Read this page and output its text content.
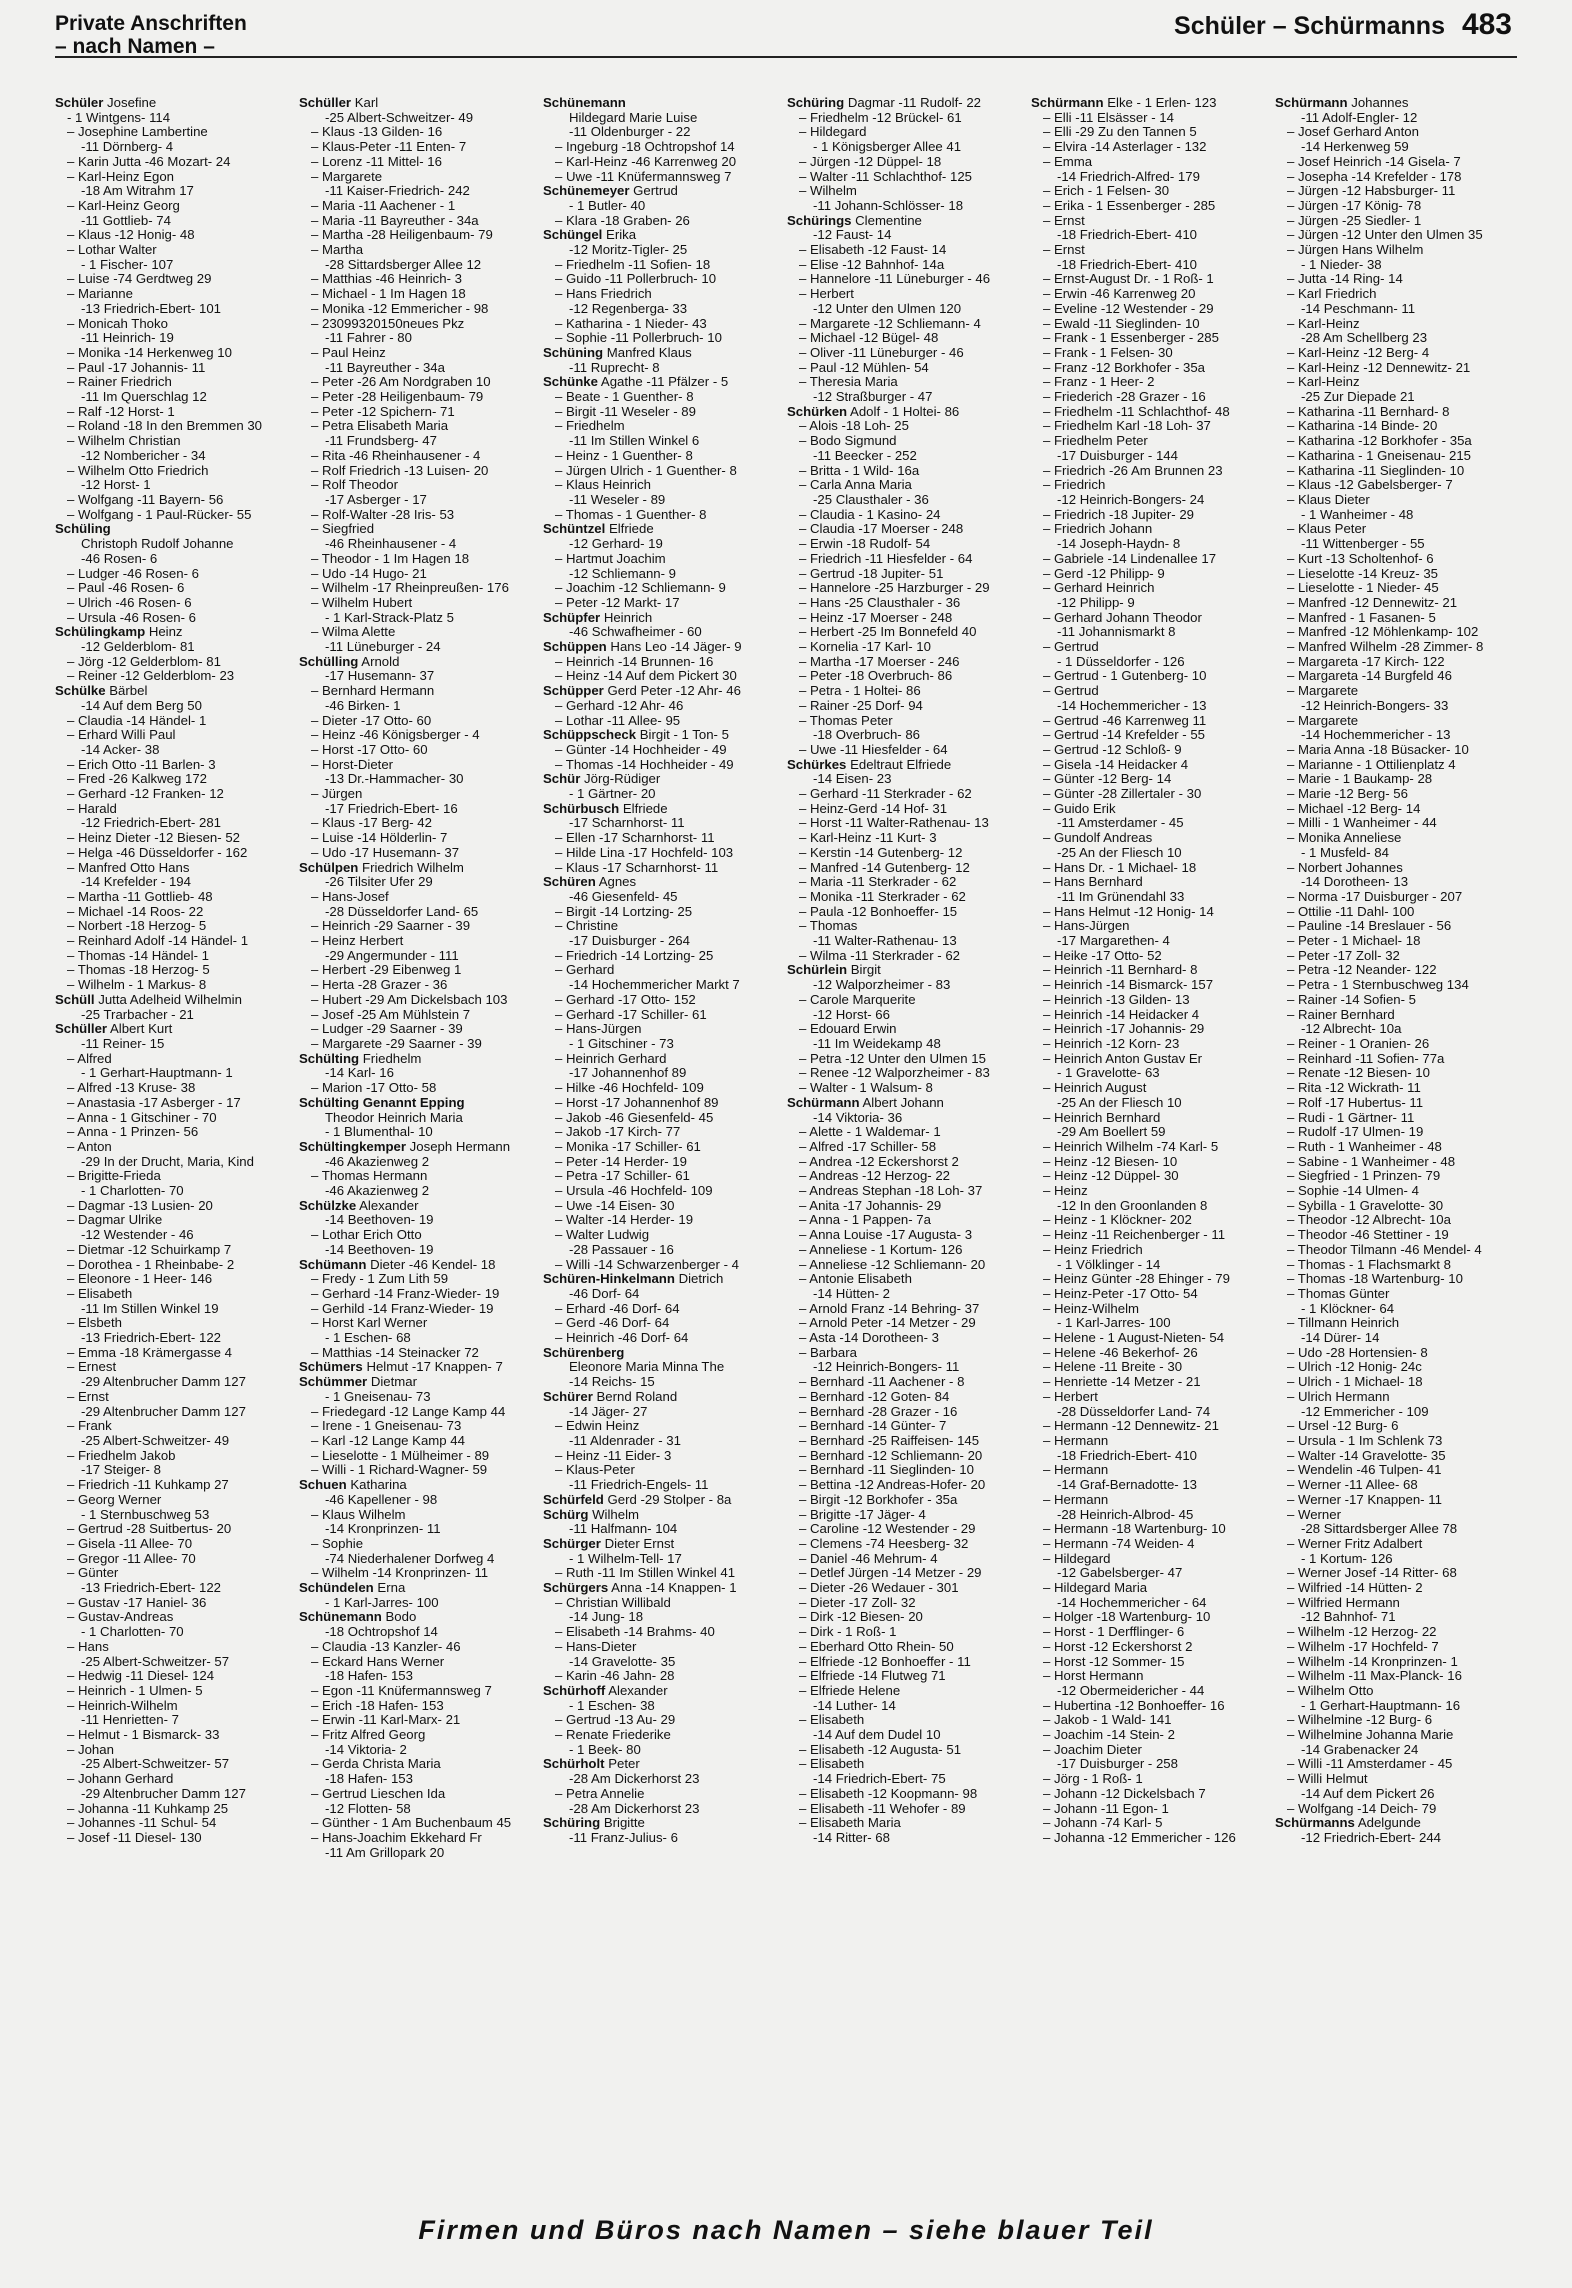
Private Anschriften
– nach Namen –
Schüler – Schürmanns 483
Schüler Josefine
- 1 Wintgens- 114
– Josephine Lambertine
-11 Dörnberg- 4
– Karin Jutta -46 Mozart- 24
– Karl-Heinz Egon
-18 Am Witrahm 17
– Karl-Heinz Georg
-11 Gottlieb- 74
– Klaus -12 Honig- 48
– Lothar Walter
- 1 Fischer- 107
– Luise -74 Gerdtweg 29
– Marianne
-13 Friedrich-Ebert- 101
– Monicah Thoko
-11 Heinrich- 19
– Monika -14 Herkenweg 10
– Paul -17 Johannis- 11
– Rainer Friedrich
-11 Im Querschlag 12
– Ralf -12 Horst- 1
– Roland -18 In den Bremmen 30
– Wilhelm Christian
-12 Nombericher - 34
– Wilhelm Otto Friedrich
-12 Horst- 1
– Wolfgang -11 Bayern- 56
– Wolfgang - 1 Paul-Rücker- 55
Schüling
Christoph Rudolf Johanne
-46 Rosen- 6
– Ludger -46 Rosen- 6
– Paul -46 Rosen- 6
– Ulrich -46 Rosen- 6
– Ursula -46 Rosen- 6
Schülingkamp Heinz
-12 Gelderblom- 81
– Jörg -12 Gelderblom- 81
– Reiner -12 Gelderblom- 23
Schülke Bärbel
-14 Auf dem Berg 50
– Claudia -14 Händel- 1
– Erhard Willi Paul
-14 Acker- 38
– Erich Otto -11 Barlen- 3
– Fred -26 Kalkweg 172
– Gerhard -12 Franken- 12
– Harald
-12 Friedrich-Ebert- 281
– Heinz Dieter -12 Biesen- 52
– Helga -46 Düsseldorfer - 162
– Manfred Otto Hans
-14 Krefelder - 194
– Martha -11 Gottlieb- 48
– Michael -14 Roos- 22
– Norbert -18 Herzog- 5
– Reinhard Adolf -14 Händel- 1
– Thomas -14 Händel- 1
– Thomas -18 Herzog- 5
– Wilhelm - 1 Markus- 8
Schüll Jutta Adelheid Wilhelmin
-25 Trarbacher - 21
Schüller Albert Kurt
-11 Reiner- 15
– Alfred
- 1 Gerhart-Hauptmann- 1
– Alfred -13 Kruse- 38
– Anastasia -17 Asberger - 17
– Anna - 1 Gitschiner - 70
– Anna - 1 Prinzen- 56
– Anton
-29 In der Drucht, Maria, Kind
– Brigitte-Frieda
- 1 Charlotten- 70
– Dagmar -13 Lusien- 20
– Dagmar Ulrike
-12 Westender - 46
– Dietmar -12 Schuirkamp 7
– Dorothea - 1 Rheinbabe- 2
– Eleonore - 1 Heer- 146
– Elisabeth
-11 Im Stillen Winkel 19
– Elsbeth
-13 Friedrich-Ebert- 122
– Emma -18 Krämergasse 4
– Ernest
-29 Altenbrucher Damm 127
– Ernst
-29 Altenbrucher Damm 127
– Frank
-25 Albert-Schweitzer- 49
– Friedhelm Jakob
-17 Steiger- 8
– Friedrich -11 Kuhkamp 27
– Georg Werner
- 1 Sternbuschweg 53
– Gertrud -28 Suitbertus- 20
– Gisela -11 Allee- 70
– Gregor -11 Allee- 70
– Günter
-13 Friedrich-Ebert- 122
– Gustav -17 Haniel- 36
– Gustav-Andreas
- 1 Charlotten- 70
– Hans
-25 Albert-Schweitzer- 57
– Hedwig -11 Diesel- 124
– Heinrich - 1 Ulmen- 5
– Heinrich-Wilhelm
-11 Henrietten- 7
– Helmut - 1 Bismarck- 33
– Johan
-25 Albert-Schweitzer- 57
– Johann Gerhard
-29 Altenbrucher Damm 127
– Johanna -11 Kuhkamp 25
– Johannes -11 Schul- 54
– Josef -11 Diesel- 130
Schüller Karl
-25 Albert-Schweitzer- 49
– Klaus -13 Gilden- 16
– Klaus-Peter -11 Enten- 7
– Lorenz -11 Mittel- 16
– Margarete
-11 Kaiser-Friedrich- 242
– Maria -11 Aachener - 1
– Maria -11 Bayreuther - 34a
– Martha -28 Heiligenbaum- 79
– Martha
-28 Sittardsberger Allee 12
– Matthias -46 Heinrich- 3
– Michael - 1 Im Hagen 18
– Monika -12 Emmericher - 98
– 23099320150neues Pkz
-11 Fahrer - 80
– Paul Heinz
-11 Bayreuther - 34a
– Peter -26 Am Nordgraben 10
– Peter -28 Heiligenbaum- 79
– Peter -12 Spichern- 71
– Petra Elisabeth Maria
-11 Frundsberg- 47
– Rita -46 Rheinhausener - 4
– Rolf Friedrich -13 Luisen- 20
– Rolf Theodor
-17 Asberger - 17
– Rolf-Walter -28 Iris- 53
– Siegfried
-46 Rheinhausener - 4
– Theodor - 1 Im Hagen 18
– Udo -14 Hugo- 21
– Wilhelm -17 Rheinpreußen- 176
– Wilhelm Hubert
- 1 Karl-Strack-Platz 5
– Wilma Alette
-11 Lüneburger - 24
Schülling Arnold
-17 Husemann- 37
– Bernhard Hermann
-46 Birken- 1
– Dieter -17 Otto- 60
– Heinz -46 Königsberger - 4
– Horst -17 Otto- 60
– Horst-Dieter
-13 Dr.-Hammacher- 30
– Jürgen
-17 Friedrich-Ebert- 16
– Klaus -17 Berg- 42
– Luise -14 Hölderlin- 7
– Udo -17 Husemann- 37
Schülpen Friedrich Wilhelm
-26 Tilsiter Ufer 29
– Hans-Josef
-28 Düsseldorfer Land- 65
– Heinrich -29 Saarner - 39
– Heinz Herbert
-29 Angermunder - 111
– Herbert -29 Eibenweg 1
– Herta -28 Grazer - 36
– Hubert -29 Am Dickelsbach 103
– Josef -25 Am Mühlstein 7
– Ludger -29 Saarner - 39
– Margarete -29 Saarner - 39
Schülting Friedhelm
-14 Karl- 16
– Marion -17 Otto- 58
Schülting Genannt Epping
Theodor Heinrich Maria
- 1 Blumenthal- 10
Schültingkemper Joseph Hermann
-46 Akazienweg 2
– Thomas Hermann
-46 Akazienweg 2
Schülzke Alexander
-14 Beethoven- 19
– Lothar Erich Otto
-14 Beethoven- 19
Schümann Dieter -46 Kendel- 18
– Fredy - 1 Zum Lith 59
– Gerhard -14 Franz-Wieder- 19
– Gerhild -14 Franz-Wieder- 19
– Horst Karl Werner
- 1 Eschen- 68
– Matthias -14 Steinacker 72
Schümers Helmut -17 Knappen- 7
Schümmer Dietmar
- 1 Gneisenau- 73
– Friedegard -12 Lange Kamp 44
– Irene - 1 Gneisenau- 73
– Karl -12 Lange Kamp 44
– Lieselotte - 1 Mülheimer - 89
– Willi - 1 Richard-Wagner- 59
Schuen Katharina
-46 Kapellener - 98
– Klaus Wilhelm
-14 Kronprinzen- 11
– Sophie
-74 Niederhalener Dorfweg 4
– Wilhelm -14 Kronprinzen- 11
Schündelen Erna
- 1 Karl-Jarres- 100
Schünemann Bodo
-18 Ochtropshof 14
– Claudia -13 Kanzler- 46
– Eckard Hans Werner
-18 Hafen- 153
– Egon -11 Knüfermannsweg 7
– Erich -18 Hafen- 153
– Erwin -11 Karl-Marx- 21
– Fritz Alfred Georg
-14 Viktoria- 2
– Gerda Christa Maria
-18 Hafen- 153
– Gertrud Lieschen Ida
-12 Flotten- 58
– Günther - 1 Am Buchenbaum 45
– Hans-Joachim Ekkehard Fr
-11 Am Grillopark 20
Schünemann
Hildegard Marie Luise
-11 Oldenburger - 22
– Ingeburg -18 Ochtropshof 14
– Karl-Heinz -46 Karrenweg 20
– Uwe -11 Knüfermannsweg 7
Schünemeyer Gertrud
- 1 Butler- 40
– Klara -18 Graben- 26
Schüngel Erika
-12 Moritz-Tigler- 25
– Friedhelm -11 Sofien- 18
– Guido -11 Pollerbruch- 10
– Hans Friedrich
-12 Regenberga- 33
– Katharina - 1 Nieder- 43
– Sophie -11 Pollerbruch- 10
Schüning Manfred Klaus
-11 Ruprecht- 8
Schünke Agathe -11 Pfälzer - 5
– Beate - 1 Guenther- 8
– Birgit -11 Weseler - 89
– Friedhelm
-11 Im Stillen Winkel 6
– Heinz - 1 Guenther- 8
– Jürgen Ulrich - 1 Guenther- 8
– Klaus Heinrich
-11 Weseler - 89
– Thomas - 1 Guenther- 8
Schüntzel Elfriede
-12 Gerhard- 19
– Hartmut Joachim
-12 Schliemann- 9
– Joachim -12 Schliemann- 9
– Peter -12 Markt- 17
Schüpfer Heinrich
-46 Schwafheimer - 60
Schüppen Hans Leo -14 Jäger- 9
– Heinrich -14 Brunnen- 16
– Heinz -14 Auf dem Pickert 30
Schüpper Gerd Peter -12 Ahr- 46
– Gerhard -12 Ahr- 46
– Lothar -11 Allee- 95
Schüppscheck Birgit - 1 Ton- 5
– Günter -14 Hochheider - 49
– Thomas -14 Hochheider - 49
Schür Jörg-Rüdiger
- 1 Gärtner- 20
Schürbusch Elfriede
-17 Scharnhorst- 11
– Ellen -17 Scharnhorst- 11
– Hilde Lina -17 Hochfeld- 103
– Klaus -17 Scharnhorst- 11
Schüren Agnes
-46 Giesenfeld- 45
– Birgit -14 Lortzing- 25
– Christine
-17 Duisburger - 264
– Friedrich -14 Lortzing- 25
– Gerhard
-14 Hochemmericher Markt 7
– Gerhard -17 Otto- 152
– Gerhard -17 Schiller- 61
– Hans-Jürgen
- 1 Gitschiner - 73
– Heinrich Gerhard
-17 Johannenhof 89
– Hilke -46 Hochfeld- 109
– Horst -17 Johannenhof 89
– Jakob -46 Giesenfeld- 45
– Jakob -17 Kirch- 77
– Monika -17 Schiller- 61
– Peter -14 Herder- 19
– Petra -17 Schiller- 61
– Ursula -46 Hochfeld- 109
– Uwe -14 Eisen- 30
– Walter -14 Herder- 19
– Walter Ludwig
-28 Passauer - 16
– Willi -14 Schwarzenberger - 4
Schüren-Hinkelmann Dietrich
-46 Dorf- 64
– Erhard -46 Dorf- 64
– Gerd -46 Dorf- 64
– Heinrich -46 Dorf- 64
Schürenberg
Eleonore Maria Minna The
-14 Reichs- 15
Schürer Bernd Roland
-14 Jäger- 27
– Edwin Heinz
-11 Aldenrader - 31
– Heinz -11 Eider- 3
– Klaus-Peter
-11 Friedrich-Engels- 11
Schürfeld Gerd -29 Stolper - 8a
Schürg Wilhelm
-11 Halfmann- 104
Schürger Dieter Ernst
- 1 Wilhelm-Tell- 17
– Ruth -11 Im Stillen Winkel 41
Schürgers Anna -14 Knappen- 1
– Christian Willibald
-14 Jung- 18
– Elisabeth -14 Brahms- 40
– Hans-Dieter
-14 Gravelotte- 35
– Karin -46 Jahn- 28
Schürhoff Alexander
- 1 Eschen- 38
– Gertrud -13 Au- 29
– Renate Friederike
- 1 Beek- 80
Schürholt Peter
-28 Am Dickerhorst 23
– Petra Annelie
-28 Am Dickerhorst 23
Schüring Brigitte
-11 Franz-Julius- 6
Schüring Dagmar -11 Rudolf- 22
– Friedhelm -12 Brückel- 61
– Hildegard
- 1 Königsberger Allee 41
– Jürgen -12 Düppel- 18
– Walter -11 Schlachthof- 125
– Wilhelm
-11 Johann-Schlösser- 18
Schürings Clementine
-12 Faust- 14
– Elisabeth -12 Faust- 14
– Elise -12 Bahnhof- 14a
– Hannelore -11 Lüneburger - 46
– Herbert
-12 Unter den Ulmen 120
– Margarete -12 Schliemann- 4
– Michael -12 Bügel- 48
– Oliver -11 Lüneburger - 46
– Paul -12 Mühlen- 54
– Theresia Maria
-12 Straßburger - 47
Schürken Adolf - 1 Holtei- 86
– Alois -18 Loh- 25
– Bodo Sigmund
-11 Beecker - 252
– Britta - 1 Wild- 16a
– Carla Anna Maria
-25 Clausthaler - 36
– Claudia - 1 Kasino- 24
– Claudia -17 Moerser - 248
– Erwin -18 Rudolf- 54
– Friedrich -11 Hiesfelder - 64
– Gertrud -18 Jupiter- 51
– Hannelore -25 Harzburger - 29
– Hans -25 Clausthaler - 36
– Heinz -17 Moerser - 248
– Herbert -25 Im Bonnefeld 40
– Kornelia -17 Karl- 10
– Martha -17 Moerser - 246
– Peter -18 Overbruch- 86
– Petra - 1 Holtei- 86
– Rainer -25 Dorf- 94
– Thomas Peter
-18 Overbruch- 86
– Uwe -11 Hiesfelder - 64
Schürkes Edeltraut Elfriede
-14 Eisen- 23
– Gerhard -11 Sterkrader - 62
– Heinz-Gerd -14 Hof- 31
– Horst -11 Walter-Rathenau- 13
– Karl-Heinz -11 Kurt- 3
– Kerstin -14 Gutenberg- 12
– Manfred -14 Gutenberg- 12
– Maria -11 Sterkrader - 62
– Monika -11 Sterkrader - 62
– Paula -12 Bonhoeffer- 15
– Thomas
-11 Walter-Rathenau- 13
– Wilma -11 Sterkrader - 62
Schürlein Birgit
-12 Walporzheimer - 83
– Carole Marquerite
-12 Horst- 66
– Edouard Erwin
-11 Im Weidekamp 48
– Petra -12 Unter den Ulmen 15
– Renee -12 Walporzheimer - 83
– Walter - 1 Walsum- 8
Schürmann Albert Johann
-14 Viktoria- 36
– Alette - 1 Waldemar- 1
– Alfred -17 Schiller- 58
– Andrea -12 Eckershorst 2
– Andreas -12 Herzog- 22
– Andreas Stephan -18 Loh- 37
– Anita -17 Johannis- 29
– Anna - 1 Pappen- 7a
– Anna Louise -17 Augusta- 3
– Anneliese - 1 Kortum- 126
– Anneliese -12 Schliemann- 20
– Antonie Elisabeth
-14 Hütten- 2
– Arnold Franz -14 Behring- 37
– Arnold Peter -14 Metzer - 29
– Asta -14 Dorotheen- 3
– Barbara
-12 Heinrich-Bongers- 11
– Bernhard -11 Aachener - 8
– Bernhard -12 Goten- 84
– Bernhard -28 Grazer - 16
– Bernhard -14 Günter- 7
– Bernhard -25 Raiffeisen- 145
– Bernhard -12 Schliemann- 20
– Bernhard -11 Sieglinden- 10
– Bettina -12 Andreas-Hofer- 20
– Birgit -12 Borkhofer - 35a
– Brigitte -17 Jäger- 4
– Caroline -12 Westender - 29
– Clemens -74 Heesberg- 32
– Daniel -46 Mehrum- 4
– Detlef Jürgen -14 Metzer - 29
– Dieter -26 Wedauer - 301
– Dieter -17 Zoll- 32
– Dirk -12 Biesen- 20
– Dirk - 1 Roß- 1
– Eberhard Otto Rhein- 50
– Elfriede -12 Bonhoeffer - 11
– Elfriede -14 Flutweg 71
– Elfriede Helene
-14 Luther- 14
– Elisabeth
-14 Auf dem Dudel 10
– Elisabeth -12 Augusta- 51
– Elisabeth
-14 Friedrich-Ebert- 75
– Elisabeth -12 Koopmann- 98
– Elisabeth -11 Wehofer - 89
– Elisabeth Maria
-14 Ritter- 68
Schürmann Elke - 1 Erlen- 123
– Elli -11 Elsässer - 14
– Elli -29 Zu den Tannen 5
– Elvira -14 Asterlager - 132
– Emma
-14 Friedrich-Alfred- 179
– Erich - 1 Felsen- 30
– Erika - 1 Essenberger - 285
– Ernst
-18 Friedrich-Ebert- 410
– Ernst
-18 Friedrich-Ebert- 410
– Ernst-August Dr. - 1 Roß- 1
– Erwin -46 Karrenweg 20
– Eveline -12 Westender - 29
– Ewald -11 Sieglinden- 10
– Frank - 1 Essenberger - 285
– Frank - 1 Felsen- 30
– Franz -12 Borkhofer - 35a
– Franz - 1 Heer- 2
– Friederich -28 Grazer - 16
– Friedhelm -11 Schlachthof- 48
– Friedhelm Karl -18 Loh- 37
– Friedhelm Peter
-17 Duisburger - 144
– Friedrich -26 Am Brunnen 23
– Friedrich
-12 Heinrich-Bongers- 24
– Friedrich -18 Jupiter- 29
– Friedrich Johann
-14 Joseph-Haydn- 8
– Gabriele -14 Lindenallee 17
– Gerd -12 Philipp- 9
– Gerhard Heinrich
-12 Philipp- 9
– Gerhard Johann Theodor
-11 Johannismarkt 8
– Gertrud
- 1 Düsseldorfer - 126
– Gertrud - 1 Gutenberg- 10
– Gertrud
-14 Hochemmericher - 13
– Gertrud -46 Karrenweg 11
– Gertrud -14 Krefelder - 55
– Gertrud -12 Schloß- 9
– Gisela -14 Heidacker 4
– Günter -12 Berg- 14
– Günter -28 Zillertaler - 30
– Guido Erik
-11 Amsterdamer - 45
– Gundolf Andreas
-25 An der Fliesch 10
– Hans Dr. - 1 Michael- 18
– Hans Bernhard
-11 Im Grünendahl 33
– Hans Helmut -12 Honig- 14
– Hans-Jürgen
-17 Margarethen- 4
– Heike -17 Otto- 52
– Heinrich -11 Bernhard- 8
– Heinrich -14 Bismarck- 157
– Heinrich -13 Gilden- 13
– Heinrich -14 Heidacker 4
– Heinrich -17 Johannis- 29
– Heinrich -12 Korn- 23
– Heinrich Anton Gustav Er
- 1 Gravelotte- 63
– Heinrich August
-25 An der Fliesch 10
– Heinrich Bernhard
-29 Am Boellert 59
– Heinrich Wilhelm -74 Karl- 5
– Heinz -12 Biesen- 10
– Heinz -12 Düppel- 30
– Heinz
-12 In den Groonlanden 8
– Heinz - 1 Klöckner- 202
– Heinz -11 Reichenberger - 11
– Heinz Friedrich
- 1 Völklinger - 14
– Heinz Günter -28 Ehinger - 79
– Heinz-Peter -17 Otto- 54
– Heinz-Wilhelm
- 1 Karl-Jarres- 100
– Helene - 1 August-Nieten- 54
– Helene -46 Bekerhof- 26
– Helene -11 Breite - 30
– Henriette -14 Metzer - 21
– Herbert
-28 Düsseldorfer Land- 74
– Hermann -12 Dennewitz- 21
– Hermann
-18 Friedrich-Ebert- 410
– Hermann
-14 Graf-Bernadotte- 13
– Hermann
-28 Heinrich-Albrod- 45
– Hermann -18 Wartenburg- 10
– Hermann -74 Weiden- 4
– Hildegard
-12 Gabelsberger- 47
– Hildegard Maria
-14 Hochemmericher - 64
– Holger -18 Wartenburg- 10
– Horst - 1 Derfflinger- 6
– Horst -12 Eckershorst 2
– Horst -12 Sommer- 15
– Horst Hermann
-12 Obermeidericher - 44
– Hubertina -12 Bonhoeffer- 16
– Jakob - 1 Wald- 141
– Joachim -14 Stein- 2
– Joachim Dieter
-17 Duisburger - 258
– Jörg - 1 Roß- 1
– Johann -12 Dickelsbach 7
– Johann -11 Egon- 1
– Johann -74 Karl- 5
– Johanna -12 Emmericher - 126
Schürmann Johannes
-11 Adolf-Engler- 12
– Josef Gerhard Anton
-14 Herkenweg 59
– Josef Heinrich -14 Gisela- 7
– Josepha -14 Krefelder - 178
– Jürgen -12 Habsburger- 11
– Jürgen -17 König- 78
– Jürgen -25 Siedler- 1
– Jürgen -12 Unter den Ulmen 35
– Jürgen Hans Wilhelm
- 1 Nieder- 38
– Jutta -14 Ring- 14
– Karl Friedrich
-14 Peschmann- 11
– Karl-Heinz
-28 Am Schellberg 23
– Karl-Heinz -12 Berg- 4
– Karl-Heinz -12 Dennewitz- 21
– Karl-Heinz
-25 Zur Diepade 21
– Katharina -11 Bernhard- 8
– Katharina -14 Binde- 20
– Katharina -12 Borkhofer - 35a
– Katharina - 1 Gneisenau- 215
– Katharina -11 Sieglinden- 10
– Klaus -12 Gabelsberger- 7
– Klaus Dieter
- 1 Wanheimer - 48
– Klaus Peter
-11 Wittenberger - 55
– Kurt -13 Scholtenhof- 6
– Lieselotte -14 Kreuz- 35
– Lieselotte - 1 Nieder- 45
– Manfred -12 Dennewitz- 21
– Manfred - 1 Fasanen- 5
– Manfred -12 Möhlenkamp- 102
– Manfred Wilhelm -28 Zimmer- 8
– Margareta -17 Kirch- 122
– Margareta -14 Burgfeld 46
– Margarete
-12 Heinrich-Bongers- 33
– Margarete
-14 Hochemmericher - 13
– Maria Anna -18 Büsacker- 10
– Marianne - 1 Ottilienplatz 4
– Marie - 1 Baukamp- 28
– Marie -12 Berg- 56
– Michael -12 Berg- 14
– Milli - 1 Wanheimer - 44
– Monika Anneliese
- 1 Musfeld- 84
– Norbert Johannes
-14 Dorotheen- 13
– Norma -17 Duisburger - 207
– Ottilie -11 Dahl- 100
– Pauline -14 Breslauer - 56
– Peter - 1 Michael- 18
– Peter -17 Zoll- 32
– Petra -12 Neander- 122
– Petra - 1 Sternbuschweg 134
– Rainer -14 Sofien- 5
– Rainer Bernhard
-12 Albrecht- 10a
– Reiner - 1 Oranien- 26
– Reinhard -11 Sofien- 77a
– Renate -12 Biesen- 10
– Rita -12 Wickrath- 11
– Rolf -17 Hubertus- 11
– Rudi - 1 Gärtner- 11
– Rudolf -17 Ulmen- 19
– Ruth - 1 Wanheimer - 48
– Sabine - 1 Wanheimer - 48
– Siegfried - 1 Prinzen- 79
– Sophie -14 Ulmen- 4
– Sybilla - 1 Gravelotte- 30
– Theodor -12 Albrecht- 10a
– Theodor -46 Stettiner - 19
– Theodor Tilmann -46 Mendel- 4
– Thomas - 1 Flachsmarkt 8
– Thomas -18 Wartenburg- 10
– Thomas Günter
- 1 Klöckner- 64
– Tillmann Heinrich
-14 Dürer- 14
– Udo -28 Hortensien- 8
– Ulrich -12 Honig- 24c
– Ulrich - 1 Michael- 18
– Ulrich Hermann
-12 Emmericher - 109
– Ursel -12 Burg- 6
– Ursula - 1 Im Schlenk 73
– Walter -14 Gravelotte- 35
– Wendelin -46 Tulpen- 41
– Werner -11 Allee- 68
– Werner -17 Knappen- 11
– Werner
-28 Sittardsberger Allee 78
– Werner Fritz Adalbert
- 1 Kortum- 126
– Werner Josef -14 Ritter- 68
– Wilfried -14 Hütten- 2
– Wilfried Hermann
-12 Bahnhof- 71
– Wilhelm -12 Herzog- 22
– Wilhelm -17 Hochfeld- 7
– Wilhelm -14 Kronprinzen- 1
– Wilhelm -11 Max-Planck- 16
– Wilhelm Otto
- 1 Gerhart-Hauptmann- 16
– Wilhelmine -12 Burg- 6
– Wilhelmine Johanna Marie
-14 Grabenacker 24
– Willi -11 Amsterdamer - 45
– Willi Helmut
-14 Auf dem Pickert 26
– Wolfgang -14 Deich- 79
Schürmanns Adelgunde
-12 Friedrich-Ebert- 244
Firmen und Büros nach Namen – siehe blauer Teil
